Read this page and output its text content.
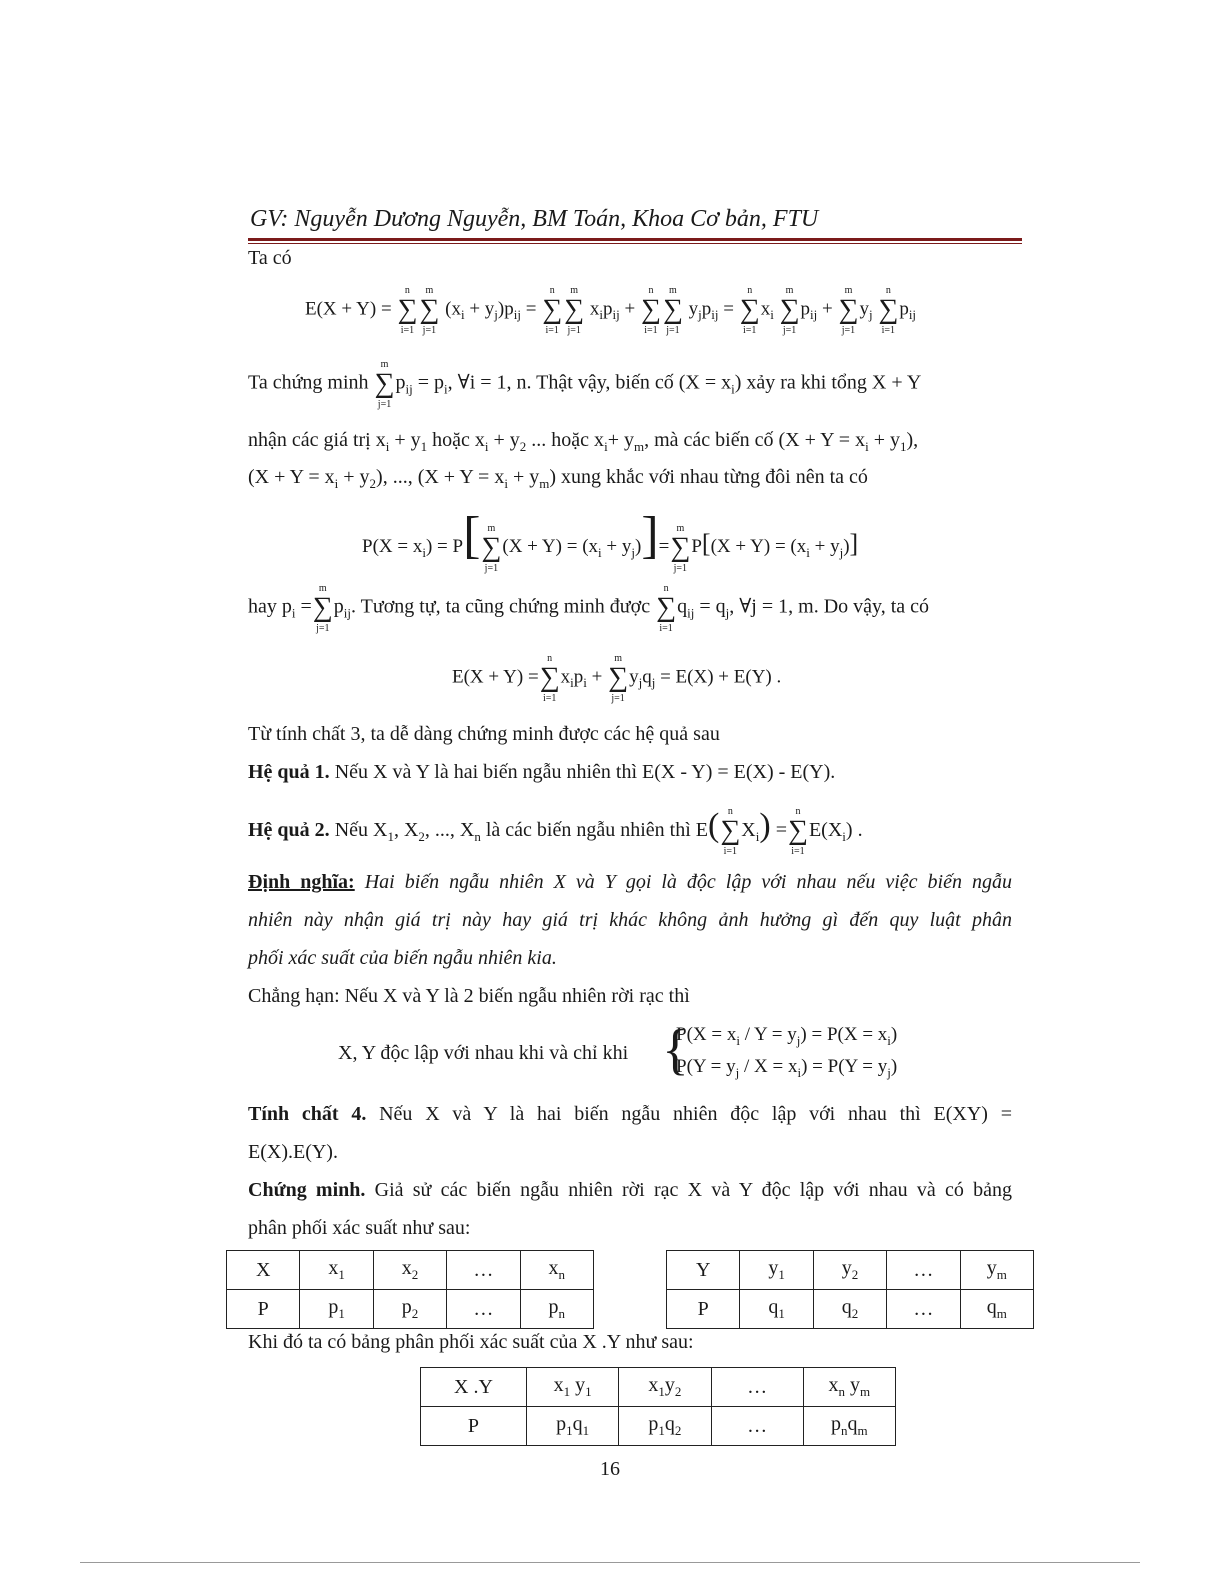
GV: Nguyễn Dương Nguyễn, BM Toán, Khoa Cơ bản, FTU
Ta có
E(X + Y) =
n
∑
i=1
m
∑
j=1
$(x_i + y_j)p_{ij}$ =
n
∑
i=1
m
∑
j=1
$x_ip_{ij}$ +
n
∑
i=1
m
∑
j=1
$y_jp_{ij}$ =
n
∑
i=1
$x_i$
m
∑
j=1
$p_{ij}$ +
m
∑
j=1
$y_j$
n
∑
i=1
$p_{ij}$
Ta chứng minh
m
∑
j=1
$p_{ij} = p_i$, ∀i = 1, n. Thật vậy, biến cố $(X = x_i)$ xảy ra khi tổng X + Y
nhận các giá trị $x_i + y_1$ hoặc $x_i + y_2$ ... hoặc $x_i+ y_m$, mà các biến cố $(X + Y = x_i + y_1)$,
$(X + Y = x_i + y_2)$, ..., $(X + Y = x_i + y_m)$ xung khắc với nhau từng đôi nên ta có
$P(X = x_i) = P$[ m
∑
j=1
$(X + Y) = (x_i + y_j)]=$
m
∑
j=1
$P[(X + Y) = (x_i + y_j)]$
hay $p_i$ =
m
∑
j=1
$p_{ij}$. Tương tự, ta cũng chứng minh được
n
∑
i=1
$q_{ij} = q_j$, ∀j = 1, m. Do vậy, ta có
E(X + Y) =
n
∑
i=1
$x_ip_i$ +
m
∑
j=1
$y_jq_j = E(X) + E(Y)$ .
Từ tính chất 3, ta dễ dàng chứng minh được các hệ quả sau
Hệ quả 1. Nếu X và Y là hai biến ngẫu nhiên thì E(X - Y) = E(X) - E(Y).
Hệ quả 2. Nếu $X_1$, $X_2$, ..., $X_n$ là các biến ngẫu nhiên thì E( n
∑
i=1
$X_i$) =
n
∑
i=1
$E(X_i)$ .
Định nghĩa: Hai biến ngẫu nhiên X và Y gọi là độc lập với nhau nếu việc biến ngẫu
nhiên này nhận giá trị này hay giá trị khác không ảnh hưởng gì đến quy luật phân
phối xác suất của biến ngẫu nhiên kia.
Chẳng hạn: Nếu X và Y là 2 biến ngẫu nhiên rời rạc thì
X, Y độc lập với nhau khi và chỉ khi {
$P(X = x_i / Y = y_j) = P(X = x_i)$
$P(Y = y_j / X = x_i) = P(Y = y_j)$
Tính chất 4. Nếu X và Y là hai biến ngẫu nhiên độc lập với nhau thì E(XY) =
E(X).E(Y).
Chứng minh. Giả sử các biến ngẫu nhiên rời rạc X và Y độc lập với nhau và có bảng
phân phối xác suất như sau:
X	$x_1$	$x_2$	…	$x_n$
P	$p_1$	$p_2$	…	$p_n$
Y	$y_1$	$y_2$	…	$y_m$
P	$q_1$	$q_2$	…	$q_m$
Khi đó ta có bảng phân phối xác suất của X .Y như sau:
X .Y	$x_1$ $y_1$	$x_1y_2$	…	$x_n$ $y_m$
P	$p_1q_1$	$p_1q_2$	…	$p_nq_m$
16
